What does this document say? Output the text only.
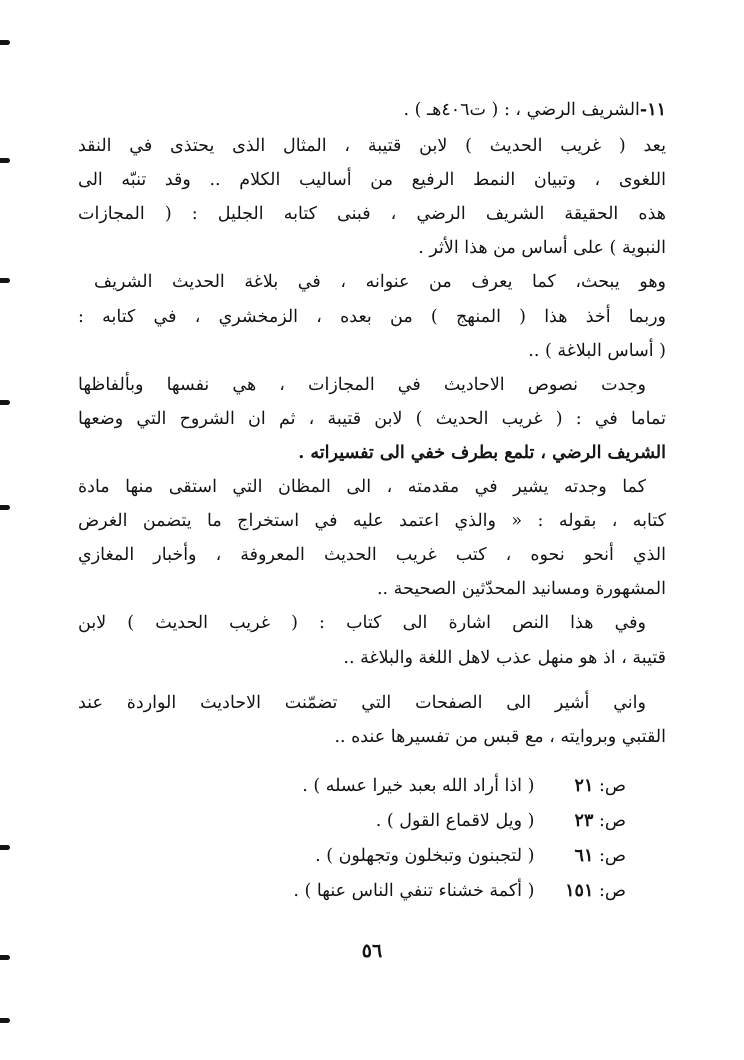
١١-الشريف الرضي ، : ( ت٤٠٦هـ ) .
يعد ( غريب الحديث ) لابن قتيبة ، المثال الذى يحتذى في النقد
اللغوى ، وتبيان النمط الرفيع من أساليب الكلام .. وقد تنبّه الى
هذه الحقيقة الشريف الرضي ، فبنى كتابه الجليل : ( المجازات
النبوية ) على أساس من هذا الأثر .
وهو يبحث، كما يعرف من عنوانه ، في بلاغة الحديث الشريف
وربما أخذ هذا ( المنهج ) من بعده ، الزمخشري ، في كتابه :
( أساس البلاغة ) ..
وجدت نصوص الاحاديث في المجازات ، هي نفسها وبألفاظها
تماما في : ( غريب الحديث ) لابن قتيبة ، ثم ان الشروح التي وضعها
الشريف الرضي ، تلمع بطرف خفي الى تفسيراته .
كما وجدته يشير في مقدمته ، الى المظان التي استقى منها مادة
كتابه ، بقوله : « والذي اعتمد عليه في استخراج ما يتضمن الغرض
الذي أنحو نحوه ، كتب غريب الحديث المعروفة ، وأخبار المغازي
المشهورة ومسانيد المحدّثين الصحيحة ..
وفي هذا النص اشارة الى كتاب : ( غريب الحديث ) لابن
قتيبة ، اذ هو منهل عذب لاهل اللغة والبلاغة ..
واني أشير الى الصفحات التي تضمّنت الاحاديث الواردة عند
القتبي وبروايته ، مع قبس من تفسيرها عنده ..
ص: ٢١ ( اذا أراد الله بعبد خيرا عسله ) .
ص: ٢٣ ( ويل لاقماع القول ) .
ص: ٦١ ( لتجبنون وتبخلون وتجهلون ) .
ص: ١٥١ ( أكمة خشناء تنفي الناس عنها ) .
٥٦
